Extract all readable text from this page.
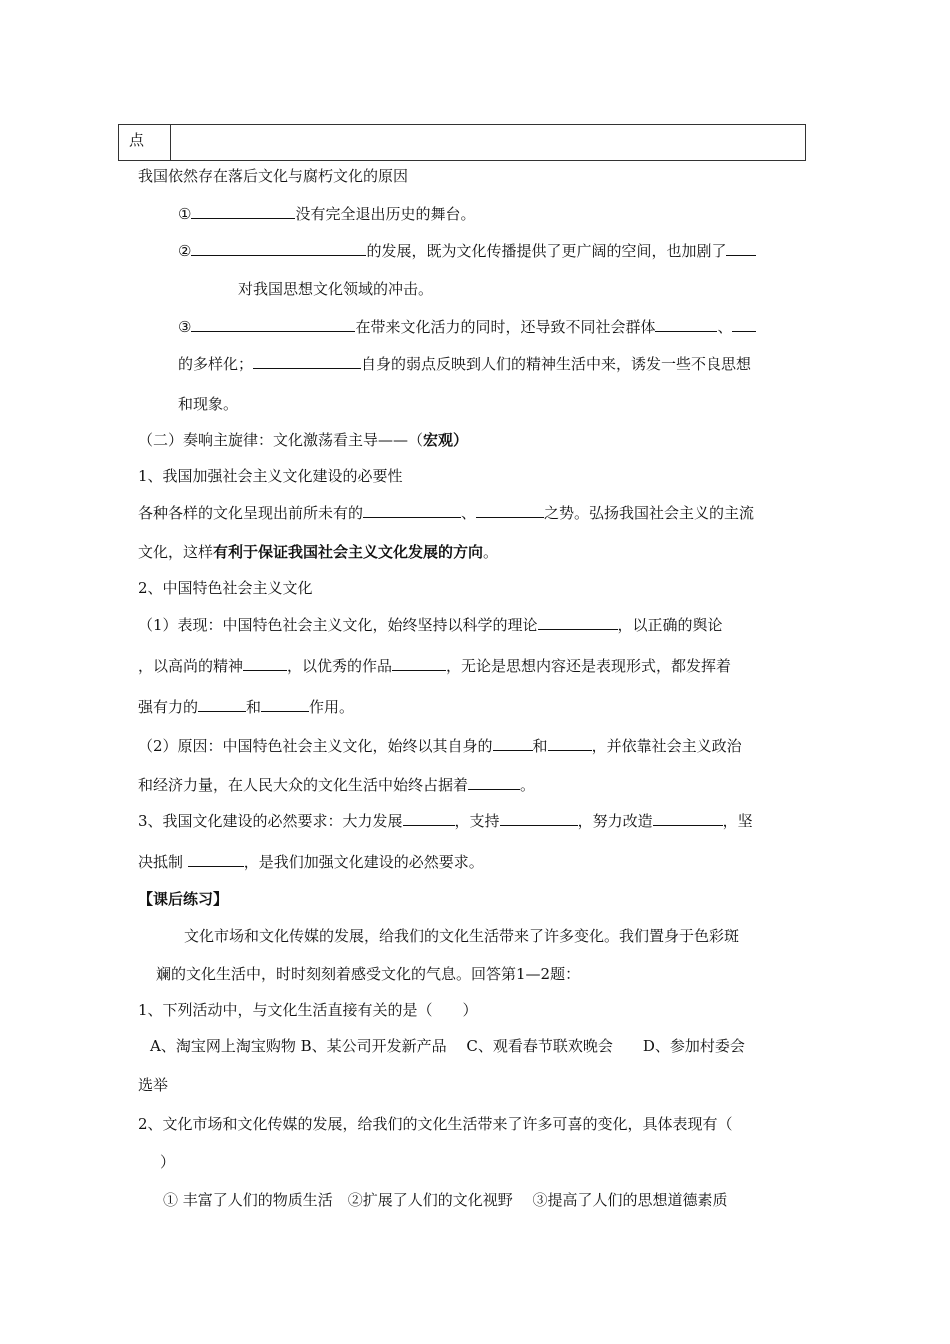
点
我国依然存在落后文化与腐朽文化的原因
①	没有完全退出历史的舞台。
②	的发展，既为文化传播提供了更广阔的空间，也加剧了
对我国思想文化领域的冲击。
③	在带来文化活力的同时，还导致不同社会群体	、
的多样化；	自身的弱点反映到人们的精神生活中来，诱发一些不良思想
和现象。
（二）奏响主旋律：文化激荡看主导——（宏观）
1、我国加强社会主义文化建设的必要性
各种各样的文化呈现出前所未有的	、	之势。弘扬我国社会主义的主流
文化，这样有利于保证我国社会主义文化发展的方向。
2、中国特色社会主义文化
（1）表现：中国特色社会主义文化，始终坚持以科学的理论	，以正确的舆论
，以高尚的精神	，以优秀的作品	，无论是思想内容还是表现形式，都发挥着
强有力的	和	作用。
（2）原因：中国特色社会主义文化，始终以其自身的	和	，并依靠社会主义政治
和经济力量，在人民大众的文化生活中始终占据着	。
3、我国文化建设的必然要求：大力发展	，支持	，努力改造	，坚
决抵制	，是我们加强文化建设的必然要求。
【课后练习】
文化市场和文化传媒的发展，给我们的文化生活带来了许多变化。我们置身于色彩斑
斓的文化生活中，时时刻刻着感受文化的气息。回答第1—2题：
1、下列活动中，与文化生活直接有关的是（　　）
A、淘宝网上淘宝购物 B、某公司开发新产品　 C、观看春节联欢晚会　　D、参加村委会
选举
2、文化市场和文化传媒的发展，给我们的文化生活带来了许多可喜的变化，具体表现有（
）
① 丰富了人们的物质生活　②扩展了人们的文化视野　 ③提高了人们的思想道德素质
